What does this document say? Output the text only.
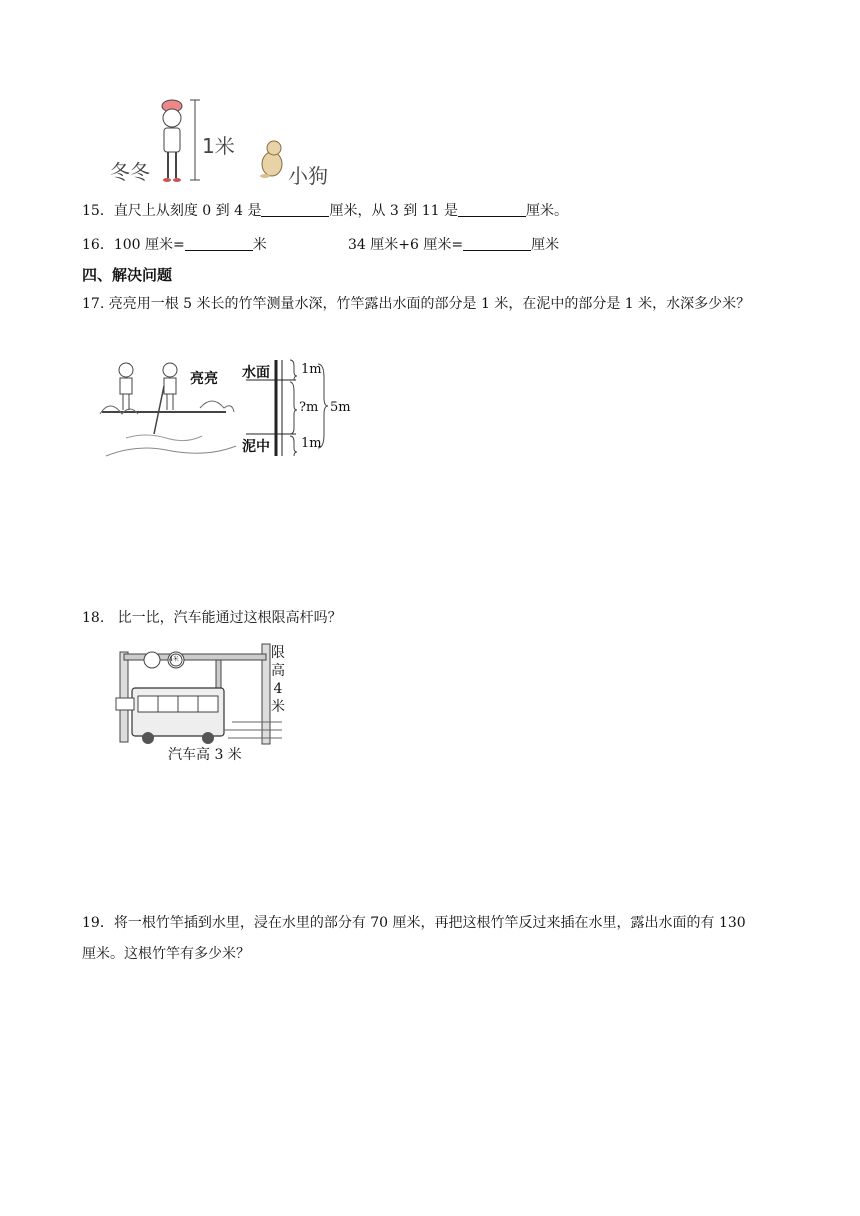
冬冬
1米
小狗
15．直尺上从刻度 0 到 4 是	厘米，从 3 到 11 是	厘米。
16．100 厘米=	米	34 厘米+6 厘米=	厘米
四、解决问题
17. 亮亮用一根 5 米长的竹竿测量水深，竹竿露出水面的部分是 1 米，在泥中的部分是 1 米，水深多少米？
亮亮 水面
泥中
1m
?m
1m
5m
18. 比一比，汽车能通过这根限高杆吗？
4米	限
高
4
米
汽车高 3 米
19．将一根竹竿插到水里，浸在水里的部分有 70 厘米，再把这根竹竿反过来插在水里，露出水面的有 130
厘米。这根竹竿有多少米？
